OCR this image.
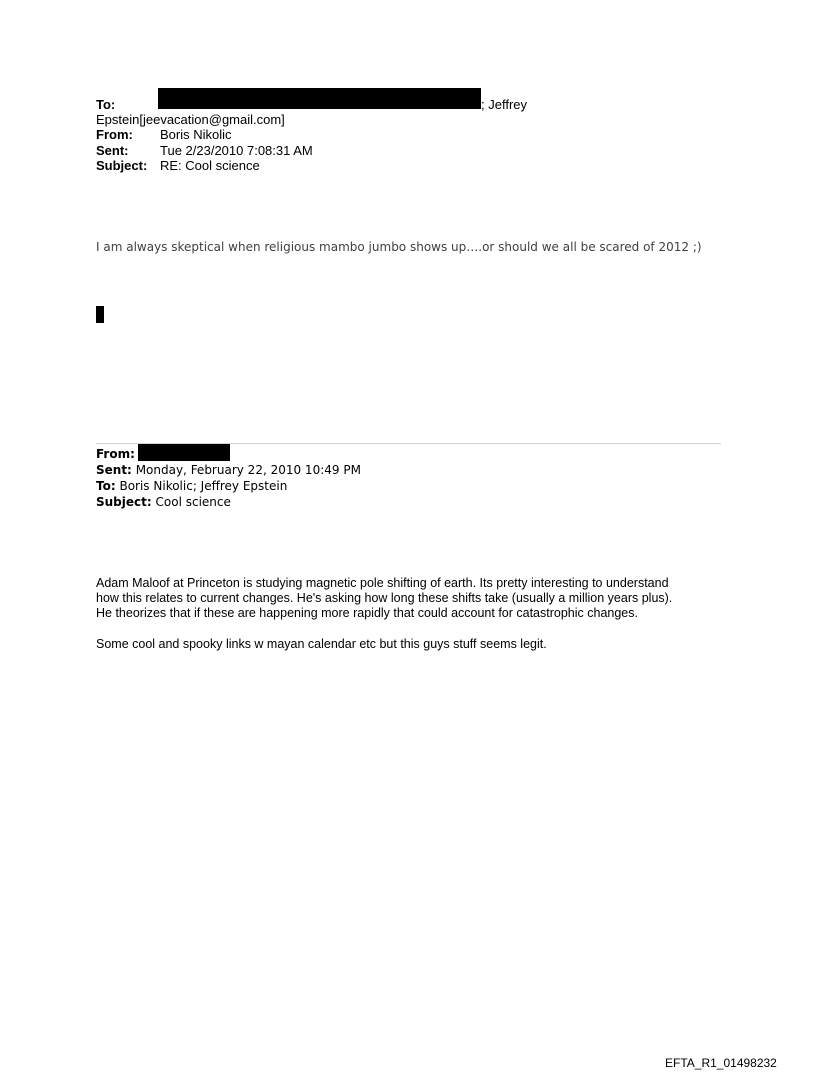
To:	; Jeffrey
Epstein[jeevacation@gmail.com]
From: Boris Nikolic
Sent: Tue 2/23/2010 7:08:31 AM
Subject: RE: Cool science
I am always skeptical when religious mambo jumbo shows up….or should we all be scared of 2012 ;)
From:
Sent: Monday, February 22, 2010 10:49 PM
To: Boris Nikolic; Jeffrey Epstein
Subject: Cool science
Adam Maloof at Princeton is studying magnetic pole shifting of earth. Its pretty interesting to understand
how this relates to current changes. He's asking how long these shifts take (usually a million years plus).
He theorizes that if these are happening more rapidly that could account for catastrophic changes.
Some cool and spooky links w mayan calendar etc but this guys stuff seems legit.
EFTA_R1_01498232
